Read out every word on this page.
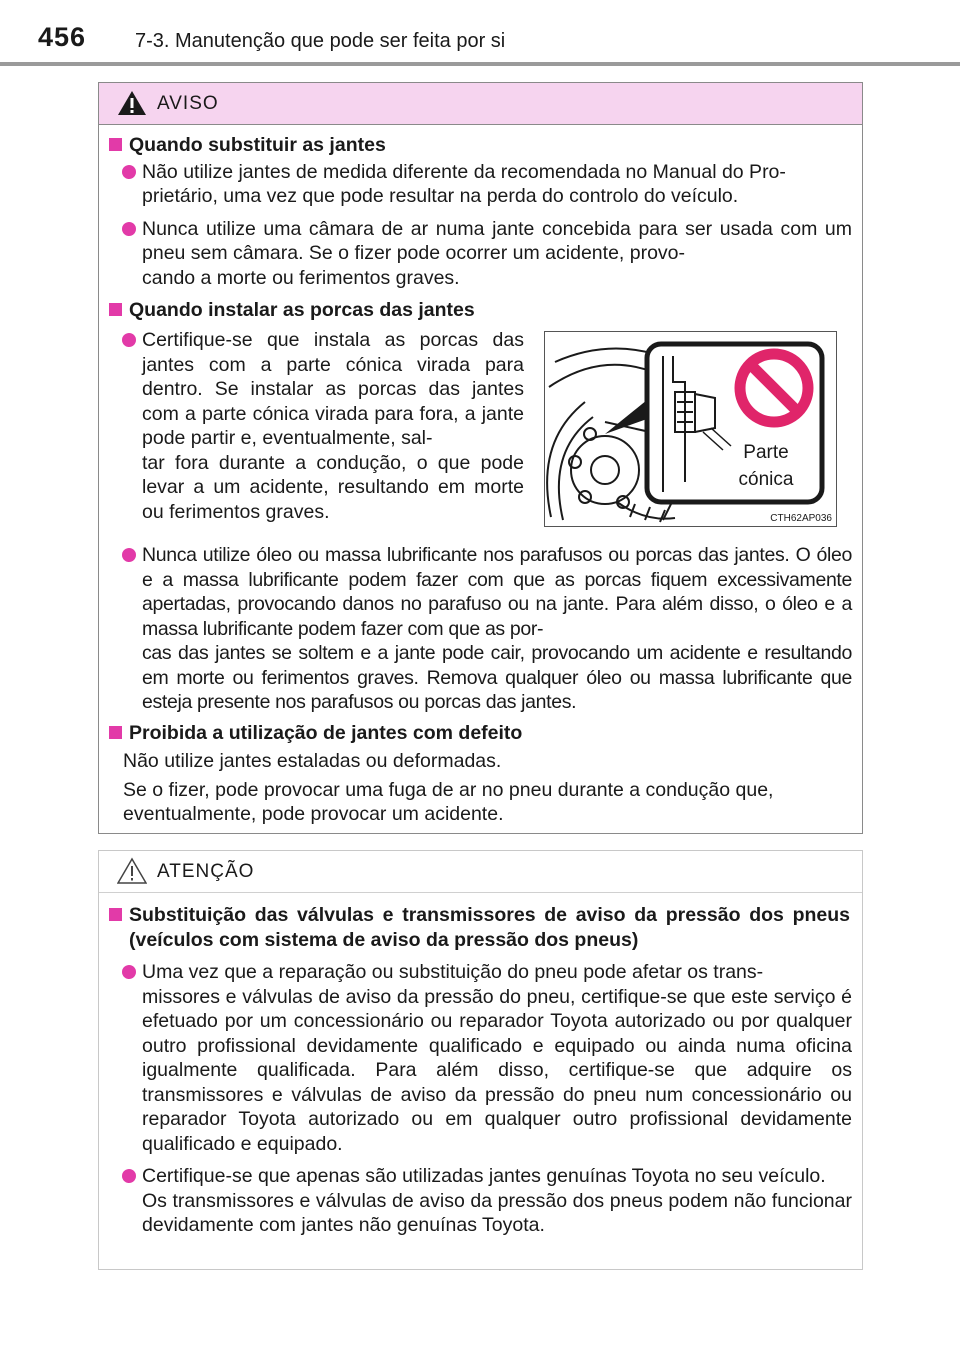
456 7-3. Manutenção que pode ser feita por si
AVISO
Quando substituir as jantes
Não utilize jantes de medida diferente da recomendada no Manual do Pro-
prietário, uma vez que pode resultar na perda do controlo do veículo.
Nunca utilize uma câmara de ar numa jante concebida para ser usada com um pneu sem câmara. Se o fizer pode ocorrer um acidente, provo-
cando a morte ou ferimentos graves.
Quando instalar as porcas das jantes
Certifique-se que instala as porcas das jantes com a parte cónica virada para dentro. Se instalar as porcas das jantes com a parte cónica virada para fora, a jante pode partir e, eventualmente, sal-
tar fora durante a condução, o que pode levar a um acidente, resultando em morte ou ferimentos graves.
Nunca utilize óleo ou massa lubrificante nos parafusos ou porcas das jantes. O óleo e a massa lubrificante podem fazer com que as porcas fiquem excessivamente apertadas, provocando danos no parafuso ou na jante. Para além disso, o óleo e a massa lubrificante podem fazer com que as por-
cas das jantes se soltem e a jante pode cair, provocando um acidente e resultando em morte ou ferimentos graves. Remova qualquer óleo ou massa lubrificante que esteja presente nos parafusos ou porcas das jantes.
Proibida a utilização de jantes com defeito
Não utilize jantes estaladas ou deformadas.
Se o fizer, pode provocar uma fuga de ar no pneu durante a condução que, eventualmente, pode provocar um acidente.
Parte
cónica
CTH62AP036
ATENÇÃO
Substituição das válvulas e transmissores de aviso da pressão dos pneus (veículos com sistema de aviso da pressão dos pneus)
Uma vez que a reparação ou substituição do pneu pode afetar os trans-
missores e válvulas de aviso da pressão do pneu, certifique-se que este serviço é efetuado por um concessionário ou reparador Toyota autorizado ou por qualquer outro profissional devidamente qualificado e equipado ou ainda numa oficina igualmente qualificada. Para além disso, certifique-se que adquire os transmissores e válvulas de aviso da pressão do pneu num concessionário ou reparador Toyota autorizado ou em qualquer outro profissional devidamente qualificado e equipado.
Certifique-se que apenas são utilizadas jantes genuínas Toyota no seu veículo.
Os transmissores e válvulas de aviso da pressão dos pneus podem não funcionar devidamente com jantes não genuínas Toyota.
